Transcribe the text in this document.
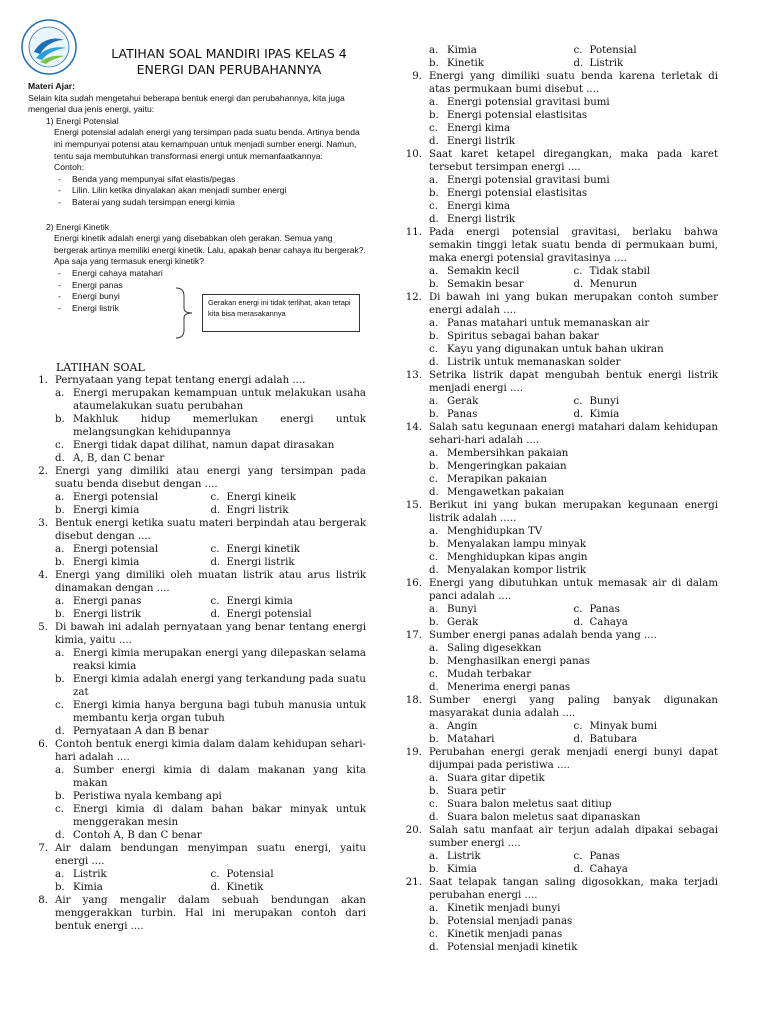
LATIHAN SOAL MANDIRI IPAS KELAS 4
ENERGI DAN PERUBAHANNYA
Materi Ajar:
Selain kita sudah mengetahui beberapa bentuk energi dan perubahannya, kita juga mengenal dua jenis energi, yaitu:
1) Energi Potensial
Energi potensial adalah energi yang tersimpan pada suatu benda. Artinya benda ini mempunyai potensi atau kemampuan untuk menjadi sumber energi. Namun, tentu saja membutuhkan transformasi energi untuk memanfaatkannya:
Contoh:
- Benda yang mempunyai sifat elastis/pegas
- Lilin. Lilin ketika dinyalakan akan menjadi sumber energi
- Baterai yang sudah tersimpan energi kimia
2) Energi Kinetik
Energi kinetik adalah energi yang disebabkan oleh gerakan. Semua yang bergerak artinya memiliki energi kinetik. Lalu, apakah benar cahaya itu bergerak?.
Apa saja yang termasuk energi kinetik?
- Energi cahaya matahari
- Energi panas
- Energi bunyi
- Energi listrik
Gerakan energi ini tidak terlihat, akan tetapi kita bisa merasakannya
LATIHAN SOAL
1. Pernyataan yang tepat tentang energi adalah ....
a. Energi merupakan kemampuan untuk melakukan usaha ataumelakukan suatu perubahan
b. Makhluk hidup memerlukan energi untuk melangsungkan kehidupannya
c. Energi tidak dapat dilihat, namun dapat dirasakan
d. A, B, dan C benar
2. Energi yang dimiliki atau energi yang tersimpan pada suatu benda disebut dengan ....
a. Energi potensial	c. Energi kineik
b. Energi kimia	d. Engri listrik
3. Bentuk energi ketika suatu materi berpindah atau bergerak disebut dengan ....
a. Energi potensial	c. Energi kinetik
b. Energi kimia	d. Energi listrik
4. Energi yang dimiliki oleh muatan listrik atau arus listrik dinamakan dengan ....
a. Energi panas	c. Energi kimia
b. Energi listrik	d. Energi potensial
5. Di bawah ini adalah pernyataan yang benar tentang energi kimia, yaitu ....
a. Energi kimia merupakan energi yang dilepaskan selama reaksi kimia
b. Energi kimia adalah energi yang terkandung pada suatu zat
c. Energi kimia hanya berguna bagi tubuh manusia untuk membantu kerja organ tubuh
d. Pernyataan A dan B benar
6. Contoh bentuk energi kimia dalam dalam kehidupan sehari-hari adalah ....
a. Sumber energi kimia di dalam makanan yang kita makan
b. Peristiwa nyala kembang api
c. Energi kimia di dalam bahan bakar minyak untuk menggerakan mesin
d. Contoh A, B dan C benar
7. Air dalam bendungan menyimpan suatu energi, yaitu energi ....
a. Listrik	c. Potensial
b. Kimia	d. Kinetik
8. Air yang mengalir dalam sebuah bendungan akan menggerakkan turbin. Hal ini merupakan contoh dari bentuk energi ....
a. Kimia	c. Potensial
b. Kinetik	d. Listrik
9. Energi yang dimiliki suatu benda karena terletak di atas permukaan bumi disebut ....
a. Energi potensial gravitasi bumi
b. Energi potensial elastisitas
c. Energi kima
d. Energi listrik
10. Saat karet ketapel diregangkan, maka pada karet tersebut tersimpan energi ....
a. Energi potensial gravitasi bumi
b. Energi potensial elastisitas
c. Energi kima
d. Energi listrik
11. Pada energi potensial gravitasi, berlaku bahwa semakin tinggi letak suatu benda di permukaan bumi, maka energi potensial gravitasinya ....
a. Semakin kecil	c. Tidak stabil
b. Semakin besar	d. Menurun
12. Di bawah ini yang bukan merupakan contoh sumber energi adalah ....
a. Panas matahari untuk memanaskan air
b. Spiritus sebagai bahan bakar
c. Kayu yang digunakan untuk bahan ukiran
d. Listrik untuk memanaskan solder
13. Setrika listrik dapat mengubah bentuk energi listrik menjadi energi ....
a. Gerak	c. Bunyi
b. Panas	d. Kimia
14. Salah satu kegunaan energi matahari dalam kehidupan sehari-hari adalah ....
a. Membersihkan pakaian
b. Mengeringkan pakaian
c. Merapikan pakaian
d. Mengawetkan pakaian
15. Berikut ini yang bukan merupakan kegunaan energi listrik adalah .....
a. Menghidupkan TV
b. Menyalakan lampu minyak
c. Menghidupkan kipas angin
d. Menyalakan kompor listrik
16. Energi yang dibutuhkan untuk memasak air di dalam panci adalah ....
a. Bunyi	c. Panas
b. Gerak	d. Cahaya
17. Sumber energi panas adalah benda yang ....
a. Saling digesekkan
b. Menghasilkan energi panas
c. Mudah terbakar
d. Menerima energi panas
18. Sumber energi yang paling banyak digunakan masyarakat dunia adalah ....
a. Angin	c. Minyak bumi
b. Matahari	d. Batubara
19. Perubahan energi gerak menjadi energi bunyi dapat dijumpai pada peristiwa ....
a. Suara gitar dipetik
b. Suara petir
c. Suara balon meletus saat ditiup
d. Suara balon meletus saat dipanaskan
20. Salah satu manfaat air terjun adalah dipakai sebagai sumber energi ....
a. Listrik	c. Panas
b. Kimia	d. Cahaya
21. Saat telapak tangan saling digosokkan, maka terjadi perubahan energi ....
a. Kinetik menjadi bunyi
b. Potensial menjadi panas
c. Kinetik menjadi panas
d. Potensial menjadi kinetik
